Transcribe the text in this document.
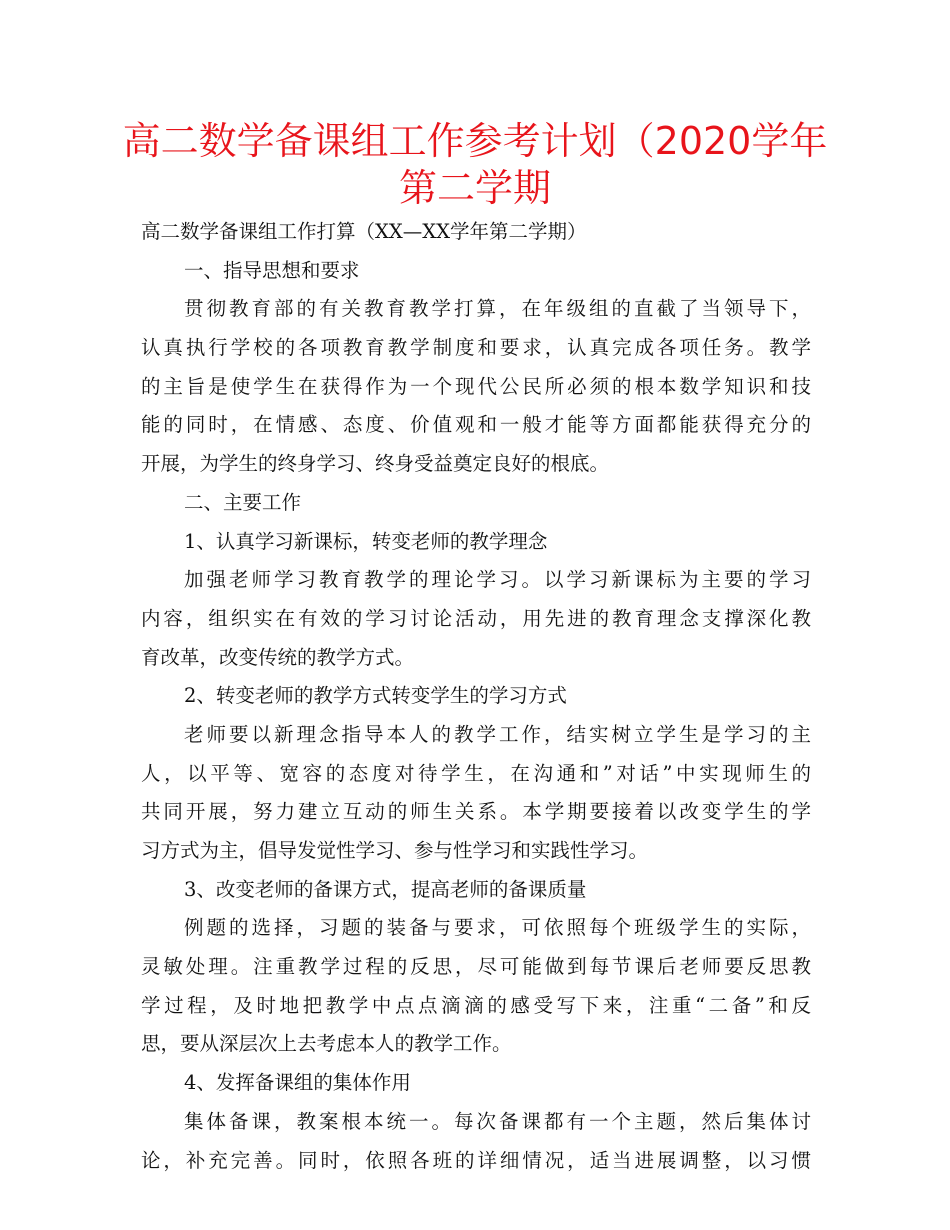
高二数学备课组工作参考计划（2020学年
第二学期
高二数学备课组工作打算（XX—XX学年第二学期）
一、指导思想和要求
贯彻教育部的有关教育教学打算，在年级组的直截了当领导下，
认真执行学校的各项教育教学制度和要求，认真完成各项任务。教学
的主旨是使学生在获得作为一个现代公民所必须的根本数学知识和技
能的同时，在情感、态度、价值观和一般才能等方面都能获得充分的
开展，为学生的终身学习、终身受益奠定良好的根底。
二、主要工作
1、认真学习新课标，转变老师的教学理念
加强老师学习教育教学的理论学习。以学习新课标为主要的学习
内容，组织实在有效的学习讨论活动，用先进的教育理念支撑深化教
育改革，改变传统的教学方式。
2、转变老师的教学方式转变学生的学习方式
老师要以新理念指导本人的教学工作，结实树立学生是学习的主
人，以平等、宽容的态度对待学生，在沟通和”对话”中实现师生的
共同开展，努力建立互动的师生关系。本学期要接着以改变学生的学
习方式为主，倡导发觉性学习、参与性学习和实践性学习。
3、改变老师的备课方式，提高老师的备课质量
例题的选择，习题的装备与要求，可依照每个班级学生的实际，
灵敏处理。注重教学过程的反思，尽可能做到每节课后老师要反思教
学过程，及时地把教学中点点滴滴的感受写下来，注重“二备”和反
思，要从深层次上去考虑本人的教学工作。
4、发挥备课组的集体作用
集体备课，教案根本统一。每次备课都有一个主题，然后集体讨
论，补充完善。同时，依照各班的详细情况，适当进展调整，以习惯
